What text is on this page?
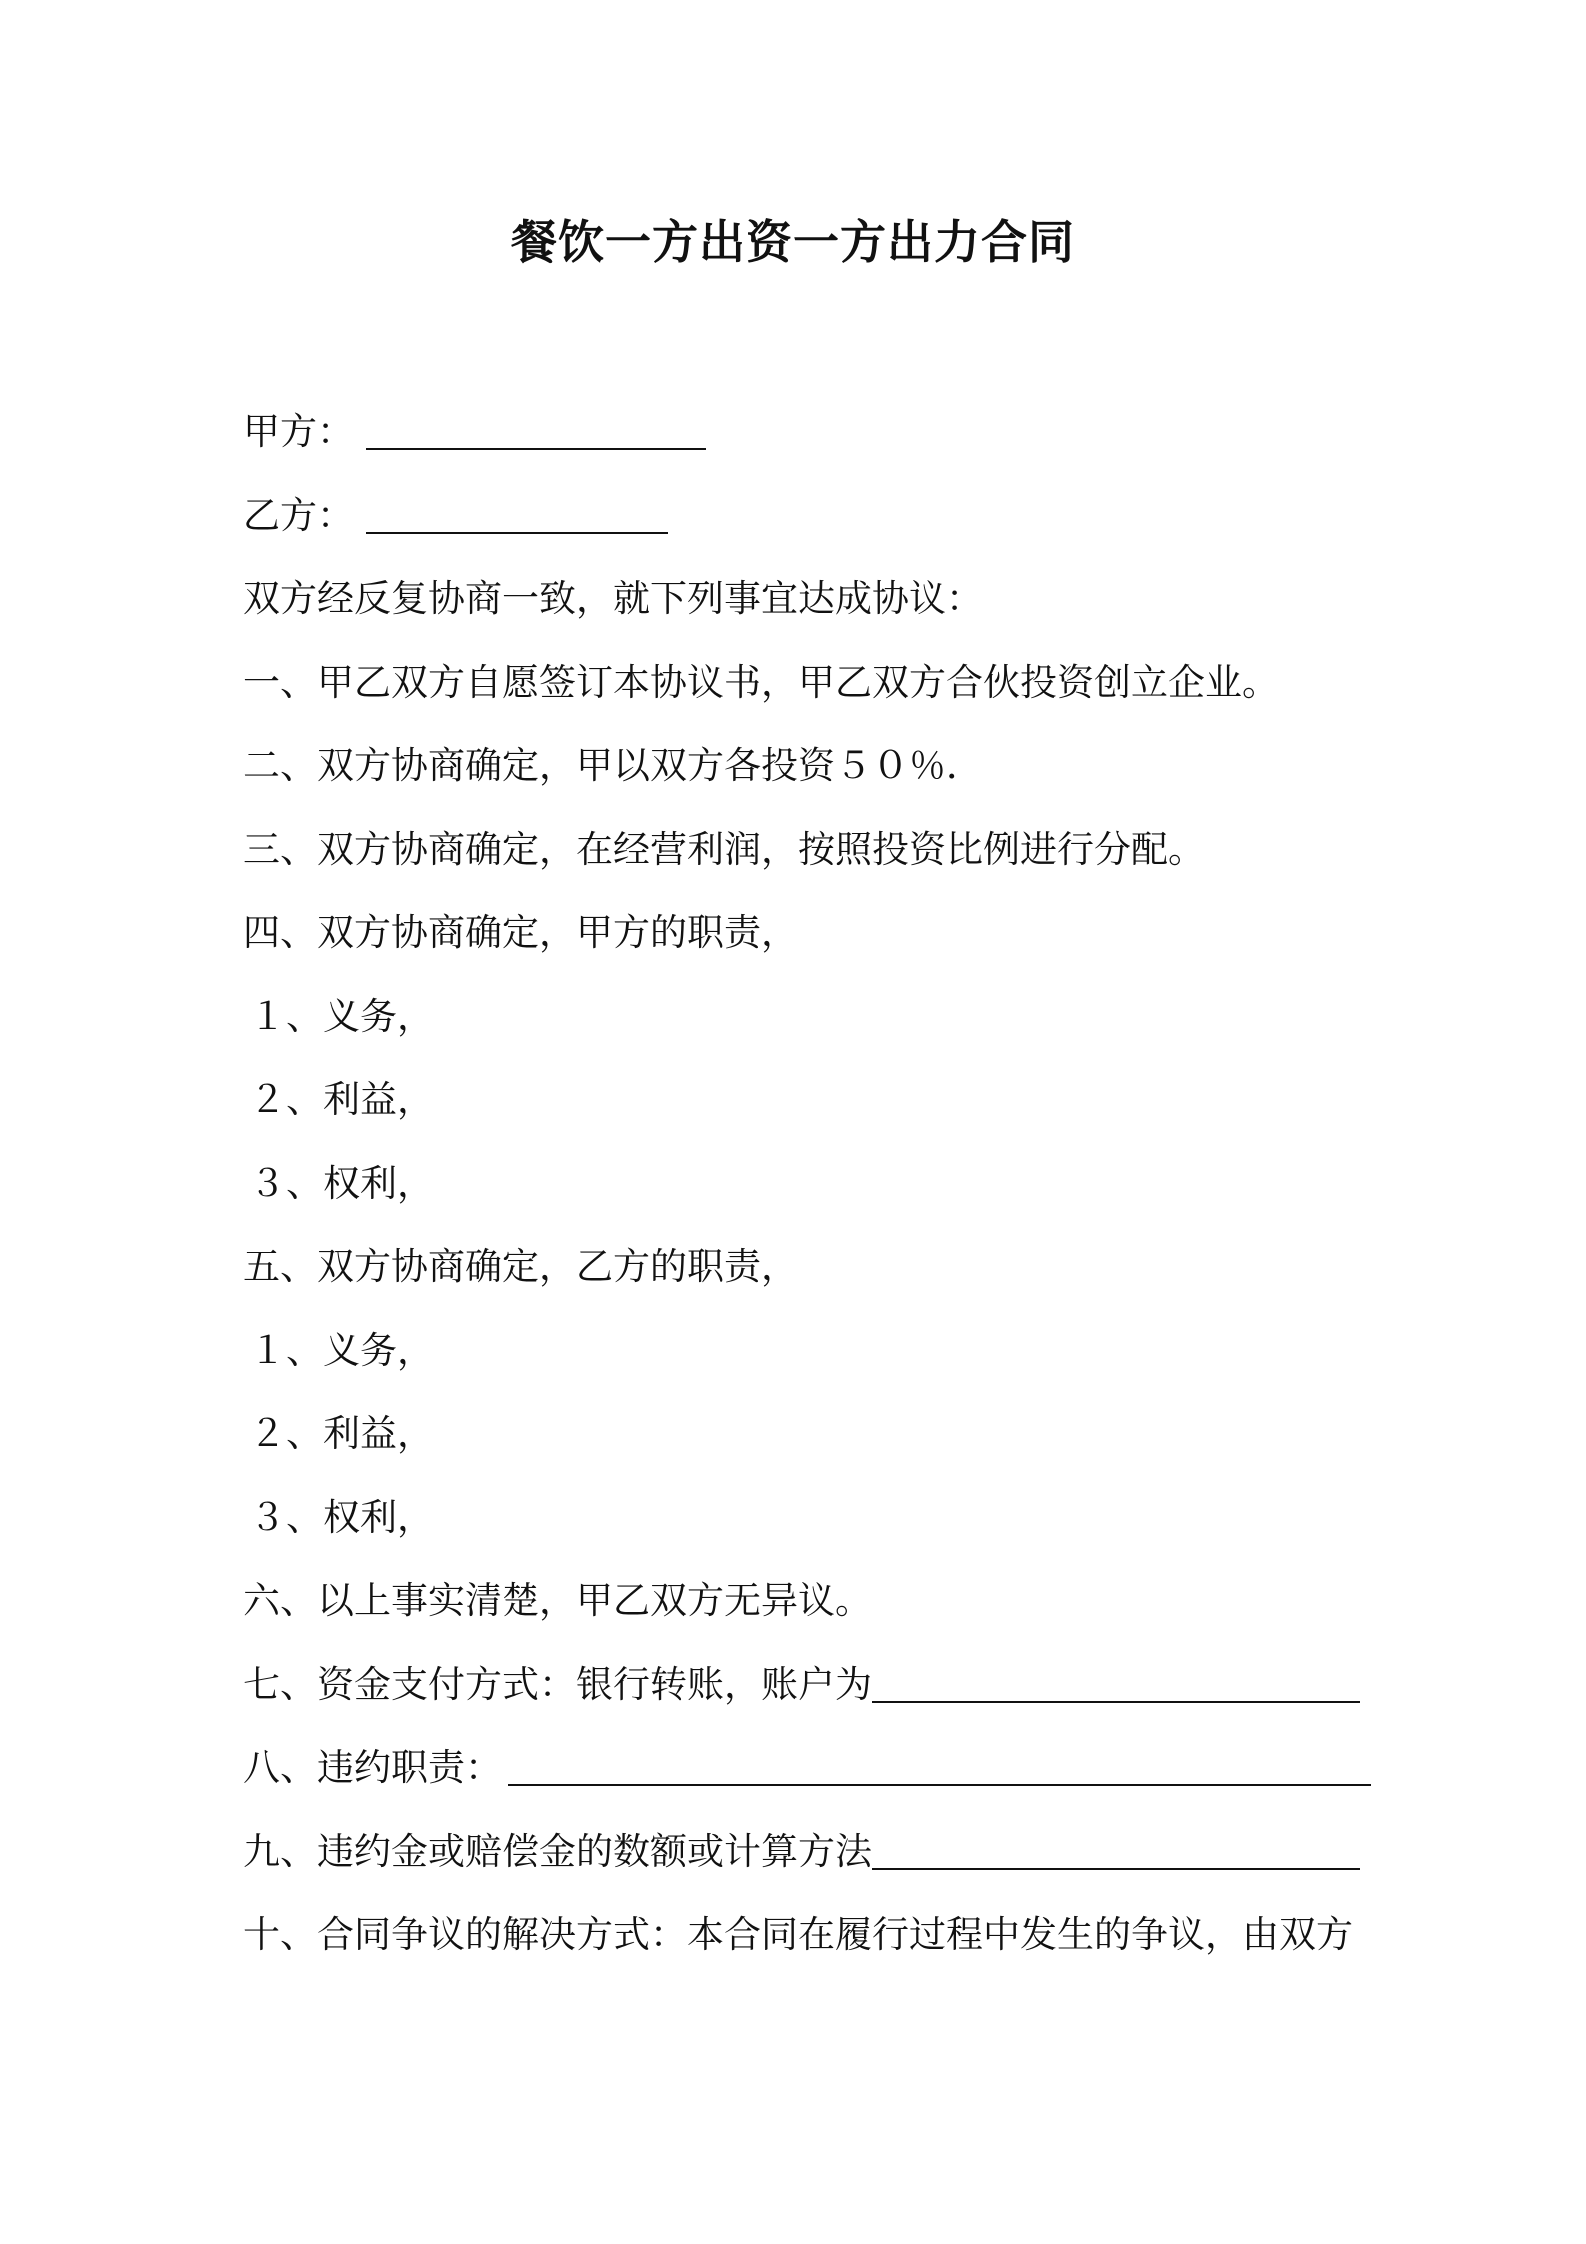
餐饮一方出资一方出力合同
甲方：
乙方：
双方经反复协商一致，就下列事宜达成协议：
一、甲乙双方自愿签订本协议书，甲乙双方合伙投资创立企业。
二、双方协商确定，甲以双方各投资５０％．
三、双方协商确定，在经营利润，按照投资比例进行分配。
四、双方协商确定，甲方的职责，
１、义务，
２、利益，
３、权利，
五、双方协商确定，乙方的职责，
１、义务，
２、利益，
３、权利，
六、以上事实清楚，甲乙双方无异议。
七、资金支付方式：银行转账，账户为
八、违约职责：
九、违约金或赔偿金的数额或计算方法
十、合同争议的解决方式：本合同在履行过程中发生的争议，由双方
